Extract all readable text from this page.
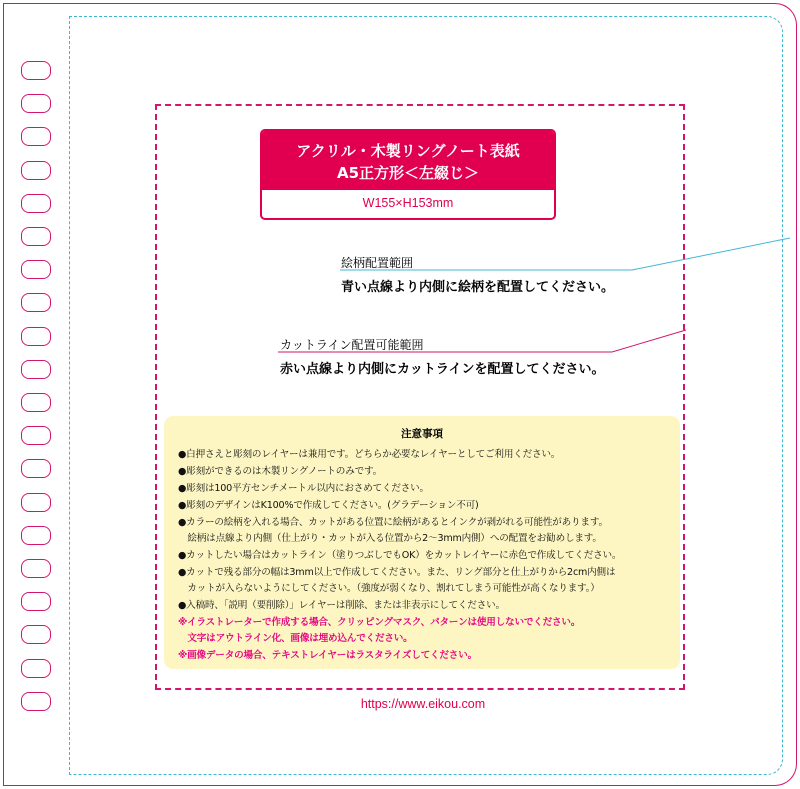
アクリル・木製リングノート表紙
A5正方形＜左綴じ＞
W155×H153mm
絵柄配置範囲
青い点線より内側に絵柄を配置してください。
カットライン配置可能範囲
赤い点線より内側にカットラインを配置してください。
注意事項
●白押さえと彫刻のレイヤーは兼用です。どちらか必要なレイヤーとしてご利用ください。
●彫刻ができるのは木製リングノートのみです。
●彫刻は100平方センチメートル以内におさめてください。
●彫刻のデザインはK100%で作成してください。(グラデーション不可)
●カラーの絵柄を入れる場合、カットがある位置に絵柄があるとインクが剥がれる可能性があります。
　絵柄は点線より内側（仕上がり・カットが入る位置から2～3mm内側）への配置をお勧めします。
●カットしたい場合はカットライン（塗りつぶしでもOK）をカットレイヤーに赤色で作成してください。
●カットで残る部分の幅は3mm以上で作成してください。また、リング部分と仕上がりから2cm内側は
　カットが入らないようにしてください。（強度が弱くなり、割れてしまう可能性が高くなります。）
●入稿時、「説明（要削除）」レイヤーは削除、または非表示にしてください。
※イラストレーターで作成する場合、クリッピングマスク、パターンは使用しないでください。
　文字はアウトライン化、画像は埋め込んでください。
※画像データの場合、テキストレイヤーはラスタライズしてください。
https://www.eikou.com
